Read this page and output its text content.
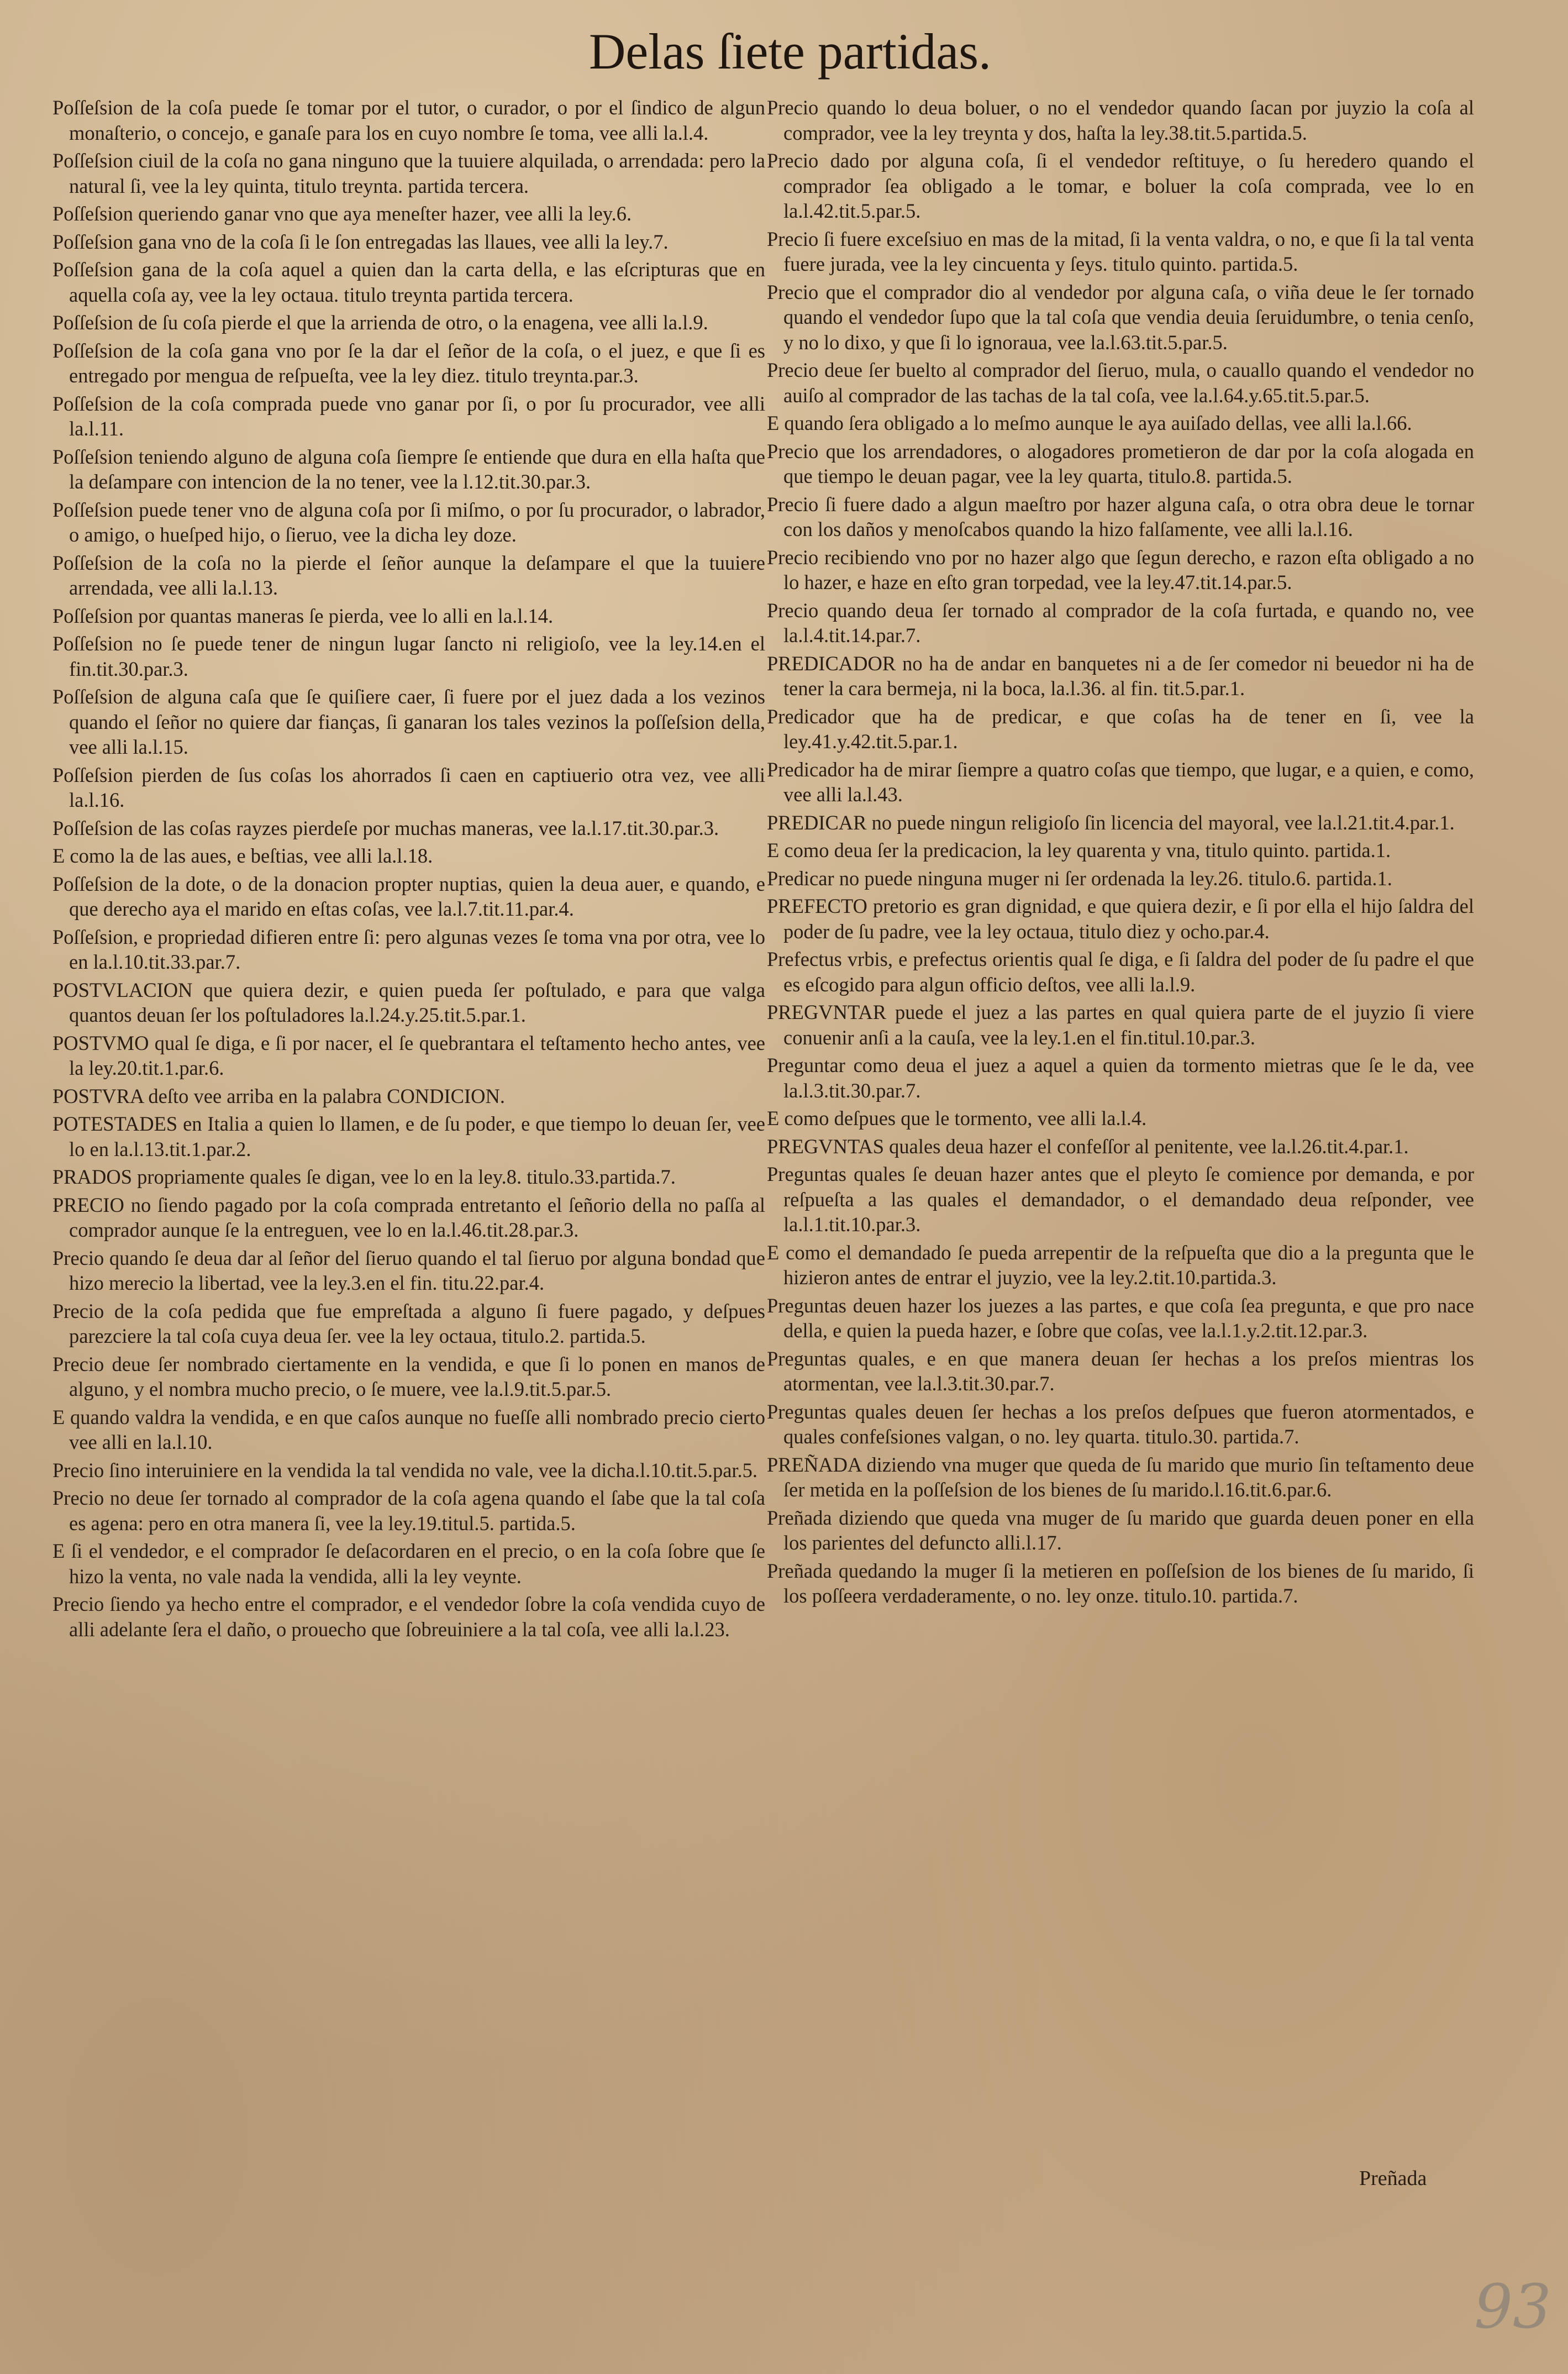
Delas ſiete partidas.

Poſſeſsion de la coſa puede ſe tomar por el tutor, o curador, o por el ſindico de algun monaſterio, o concejo, e ganaſe para los en cuyo nombre ſe toma, vee alli la.l.4.

Poſſeſsion ciuil de la coſa no gana ninguno que la tuuiere alquilada, o arrendada: pero la natural ſi, vee la ley quinta, titulo treynta. partida tercera.

Poſſeſsion queriendo ganar vno que aya meneſter hazer, vee alli la ley.6.

Poſſeſsion gana vno de la coſa ſi le ſon entregadas las llaues, vee alli la ley.7.

Poſſeſsion gana de la coſa aquel a quien dan la carta della, e las eſcripturas que en aquella coſa ay, vee la ley octaua. titulo treynta partida tercera.

Poſſeſsion de ſu coſa pierde el que la arrienda de otro, o la enagena, vee alli la.l.9.

Poſſeſsion de la coſa gana vno por ſe la dar el ſeñor de la coſa, o el juez, e que ſi es entregado por mengua de reſpueſta, vee la ley diez. titulo treynta.par.3.

Poſſeſsion de la coſa comprada puede vno ganar por ſi, o por ſu procurador, vee alli la.l.11.

Poſſeſsion teniendo alguno de alguna coſa ſiempre ſe entiende que dura en ella haſta que la deſampare con intencion de la no tener, vee la l.12.tit.30.par.3.

Poſſeſsion puede tener vno de alguna coſa por ſi miſmo, o por ſu procurador, o labrador, o amigo, o hueſped hijo, o ſieruo, vee la dicha ley doze.

Poſſeſsion de la coſa no la pierde el ſeñor aunque la deſampare el que la tuuiere arrendada, vee alli la.l.13.

Poſſeſsion por quantas maneras ſe pierda, vee lo alli en la.l.14.

Poſſeſsion no ſe puede tener de ningun lugar ſancto ni religioſo, vee la ley.14.en el fin.tit.30.par.3.

Poſſeſsion de alguna caſa que ſe quiſiere caer, ſi fuere por el juez dada a los vezinos quando el ſeñor no quiere dar fianças, ſi ganaran los tales vezinos la poſſeſsion della, vee alli la.l.15.

Poſſeſsion pierden de ſus coſas los ahorrados ſi caen en captiuerio otra vez, vee alli la.l.16.

Poſſeſsion de las coſas rayzes pierdeſe por muchas maneras, vee la.l.17.tit.30.par.3.

E como la de las aues, e beſtias, vee alli la.l.18.

Poſſeſsion de la dote, o de la donacion propter nuptias, quien la deua auer, e quando, e que derecho aya el marido en eſtas coſas, vee la.l.7.tit.11.par.4.

Poſſeſsion, e propriedad difieren entre ſi: pero algunas vezes ſe toma vna por otra, vee lo en la.l.10.tit.33.par.7.

POSTVLACION que quiera dezir, e quien pueda ſer poſtulado, e para que valga quantos deuan ſer los poſtuladores la.l.24.y.25.tit.5.par.1.

POSTVMO qual ſe diga, e ſi por nacer, el ſe quebrantara el teſtamento hecho antes, vee la ley.20.tit.1.par.6.

POSTVRA deſto vee arriba en la palabra CONDICION.

POTESTADES en Italia a quien lo llamen, e de ſu poder, e que tiempo lo deuan ſer, vee lo en la.l.13.tit.1.par.2.

PRADOS propriamente quales ſe digan, vee lo en la ley.8. titulo.33.partida.7.

PRECIO no ſiendo pagado por la coſa comprada entretanto el ſeñorio della no paſſa al comprador aunque ſe la entreguen, vee lo en la.l.46.tit.28.par.3.

Precio quando ſe deua dar al ſeñor del ſieruo quando el tal ſieruo por alguna bondad que hizo merecio la libertad, vee la ley.3.en el fin. titu.22.par.4.

Precio de la coſa pedida que fue empreſtada a alguno ſi fuere pagado, y deſpues parezciere la tal coſa cuya deua ſer. vee la ley octaua, titulo.2. partida.5.

Precio deue ſer nombrado ciertamente en la vendida, e que ſi lo ponen en manos de alguno, y el nombra mucho precio, o ſe muere, vee la.l.9.tit.5.par.5.

E quando valdra la vendida, e en que caſos aunque no fueſſe alli nombrado precio cierto vee alli en la.l.10.

Precio ſino interuiniere en la vendida la tal vendida no vale, vee la dicha.l.10.tit.5.par.5.

Precio no deue ſer tornado al comprador de la coſa agena quando el ſabe que la tal coſa es agena: pero en otra manera ſi, vee la ley.19.titul.5. partida.5.

E ſi el vendedor, e el comprador ſe deſacordaren en el precio, o en la coſa ſobre que ſe hizo la venta, no vale nada la vendida, alli la ley veynte.

Precio ſiendo ya hecho entre el comprador, e el vendedor ſobre la coſa vendida cuyo de alli adelante ſera el daño, o prouecho que ſobreuiniere a la tal coſa, vee alli la.l.23.

Precio quando lo deua boluer, o no el vendedor quando ſacan por juyzio la coſa al comprador, vee la ley treynta y dos, haſta la ley.38.tit.5.partida.5.

Precio dado por alguna coſa, ſi el vendedor reſtituye, o ſu heredero quando el comprador ſea obligado a le tomar, e boluer la coſa comprada, vee lo en la.l.42.tit.5.par.5.

Precio ſi fuere exceſsiuo en mas de la mitad, ſi la venta valdra, o no, e que ſi la tal venta fuere jurada, vee la ley cincuenta y ſeys. titulo quinto. partida.5.

Precio que el comprador dio al vendedor por alguna caſa, o viña deue le ſer tornado quando el vendedor ſupo que la tal coſa que vendia deuia ſeruidumbre, o tenia cenſo, y no lo dixo, y que ſi lo ignoraua, vee la.l.63.tit.5.par.5.

Precio deue ſer buelto al comprador del ſieruo, mula, o cauallo quando el vendedor no auiſo al comprador de las tachas de la tal coſa, vee la.l.64.y.65.tit.5.par.5.

E quando ſera obligado a lo meſmo aunque le aya auiſado dellas, vee alli la.l.66.

Precio que los arrendadores, o alogadores prometieron de dar por la coſa alogada en que tiempo le deuan pagar, vee la ley quarta, titulo.8. partida.5.

Precio ſi fuere dado a algun maeſtro por hazer alguna caſa, o otra obra deue le tornar con los daños y menoſcabos quando la hizo falſamente, vee alli la.l.16.

Precio recibiendo vno por no hazer algo que ſegun derecho, e razon eſta obligado a no lo hazer, e haze en eſto gran torpedad, vee la ley.47.tit.14.par.5.

Precio quando deua ſer tornado al comprador de la coſa furtada, e quando no, vee la.l.4.tit.14.par.7.

PREDICADOR no ha de andar en banquetes ni a de ſer comedor ni beuedor ni ha de tener la cara bermeja, ni la boca, la.l.36. al fin. tit.5.par.1.

Predicador que ha de predicar, e que coſas ha de tener en ſi, vee la ley.41.y.42.tit.5.par.1.

Predicador ha de mirar ſiempre a quatro coſas que tiempo, que lugar, e a quien, e como, vee alli la.l.43.

PREDICAR no puede ningun religioſo ſin licencia del mayoral, vee la.l.21.tit.4.par.1.

E como deua ſer la predicacion, la ley quarenta y vna, titulo quinto. partida.1.

Predicar no puede ninguna muger ni ſer ordenada la ley.26. titulo.6. partida.1.

PREFECTO pretorio es gran dignidad, e que quiera dezir, e ſi por ella el hijo ſaldra del poder de ſu padre, vee la ley octaua, titulo diez y ocho.par.4.

Prefectus vrbis, e prefectus orientis qual ſe diga, e ſi ſaldra del poder de ſu padre el que es eſcogido para algun officio deſtos, vee alli la.l.9.

PREGVNTAR puede el juez a las partes en qual quiera parte de el juyzio ſi viere conuenir anſi a la cauſa, vee la ley.1.en el fin.titul.10.par.3.

Preguntar como deua el juez a aquel a quien da tormento mietras que ſe le da, vee la.l.3.tit.30.par.7.

E como deſpues que le tormento, vee alli la.l.4.

PREGVNTAS quales deua hazer el confeſſor al penitente, vee la.l.26.tit.4.par.1.

Preguntas quales ſe deuan hazer antes que el pleyto ſe comience por demanda, e por reſpueſta a las quales el demandador, o el demandado deua reſponder, vee la.l.1.tit.10.par.3.

E como el demandado ſe pueda arrepentir de la reſpueſta que dio a la pregunta que le hizieron antes de entrar el juyzio, vee la ley.2.tit.10.partida.3.

Preguntas deuen hazer los juezes a las partes, e que coſa ſea pregunta, e que pro nace della, e quien la pueda hazer, e ſobre que coſas, vee la.l.1.y.2.tit.12.par.3.

Preguntas quales, e en que manera deuan ſer hechas a los preſos mientras los atormentan, vee la.l.3.tit.30.par.7.

Preguntas quales deuen ſer hechas a los preſos deſpues que fueron atormentados, e quales confeſsiones valgan, o no. ley quarta. titulo.30. partida.7.

PREÑADA diziendo vna muger que queda de ſu marido que murio ſin teſtamento deue ſer metida en la poſſeſsion de los bienes de ſu marido.l.16.tit.6.par.6.

Preñada diziendo que queda vna muger de ſu marido que guarda deuen poner en ella los parientes del defuncto alli.l.17.

Preñada quedando la muger ſi la metieren en poſſeſsion de los bienes de ſu marido, ſi los poſſeera verdaderamente, o no. ley onze. titulo.10. partida.7.

Preñada
93
